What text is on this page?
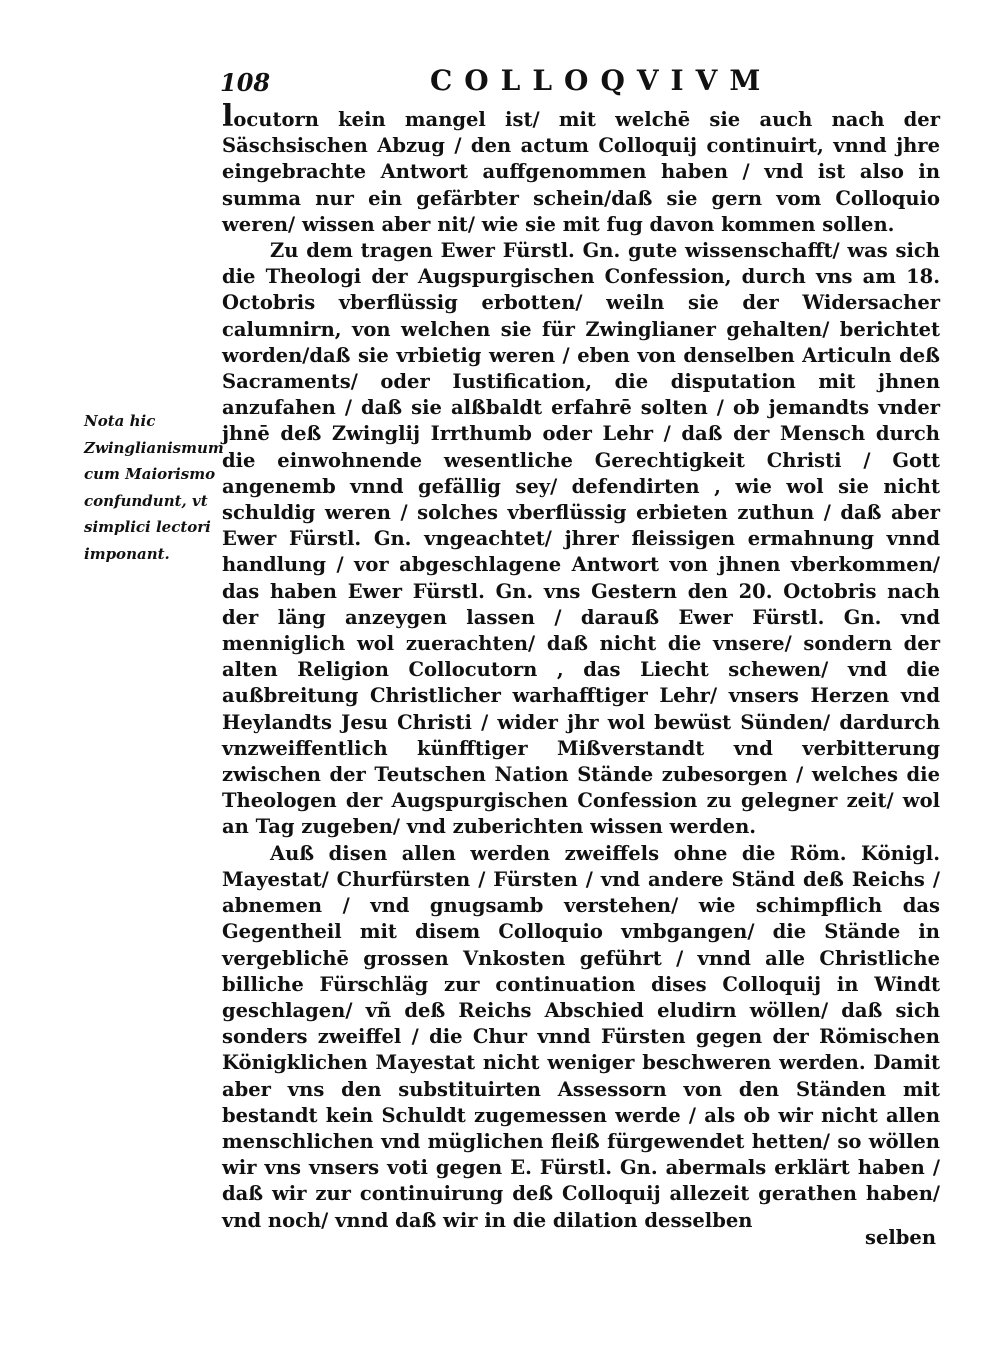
108	COLLOQVIVM
Nota hic Zwinglianismum cum Maiorismo confundunt, vt simplici lectori imponant.

locutorn kein mangel ist/ mit welchē sie auch nach der Säschsischen Abzug / den actum Colloquij continuirt, vnnd jhre eingebrachte Antwort auffgenommen haben / vnd ist also in summa nur ein gefärbter schein/daß sie gern vom Colloquio weren/ wissen aber nit/ wie sie mit fug davon kommen sollen.

Zu dem tragen Ewer Fürstl. Gn. gute wissenschafft/ was sich die Theologi der Augspurgischen Confession, durch vns am 18. Octobris vberflüssig erbotten/ weiln sie der Widersacher calumnirn, von welchen sie für Zwinglianer gehalten/ berichtet worden/daß sie vrbietig weren / eben von denselben Articuln deß Sacraments/ oder Iustification, die disputation mit jhnen anzufahen / daß sie alßbaldt erfahrē solten / ob jemandts vnder jhnē deß Zwinglij Irrthumb oder Lehr / daß der Mensch durch die einwohnende wesentliche Gerechtigkeit Christi / Gott angenemb vnnd gefällig sey/ defendirten , wie wol sie nicht schuldig weren / solches vberflüssig erbieten zuthun / daß aber Ewer Fürstl. Gn. vngeachtet/ jhrer fleissigen ermahnung vnnd handlung / vor abgeschlagene Antwort von jhnen vberkommen/ das haben Ewer Fürstl. Gn. vns Gestern den 20. Octobris nach der läng anzeygen lassen / darauß Ewer Fürstl. Gn. vnd menniglich wol zuerachten/ daß nicht die vnsere/ sondern der alten Religion Collocutorn , das Liecht schewen/ vnd die außbreitung Christlicher warhafftiger Lehr/ vnsers Herzen vnd Heylandts Jesu Christi / wider jhr wol bewüst Sünden/ dardurch vnzweiffentlich künfftiger Mißverstandt vnd verbitterung zwischen der Teutschen Nation Stände zubesorgen / welches die Theologen der Augspurgischen Confession zu gelegner zeit/ wol an Tag zugeben/ vnd zuberichten wissen werden.

Auß disen allen werden zweiffels ohne die Röm. Königl. Mayestat/ Churfürsten / Fürsten / vnd andere Ständ deß Reichs / abnemen / vnd gnugsamb verstehen/ wie schimpflich das Gegentheil mit disem Colloquio vmbgangen/ die Stände in vergeblichē grossen Vnkosten geführt / vnnd alle Christliche billiche Fürschläg zur continuation dises Colloquij in Windt geschlagen/ vñ deß Reichs Abschied eludirn wöllen/ daß sich sonders zweiffel / die Chur vnnd Fürsten gegen der Römischen Königklichen Mayestat nicht weniger beschweren werden. Damit aber vns den substituirten Assessorn von den Ständen mit bestandt kein Schuldt zugemessen werde / als ob wir nicht allen menschlichen vnd müglichen fleiß fürgewendet hetten/ so wöllen wir vns vnsers voti gegen E. Fürstl. Gn. abermals erklärt haben / daß wir zur continuirung deß Colloquij allezeit gerathen haben/ vnd noch/ vnnd daß wir in die dilation desselben

selben
